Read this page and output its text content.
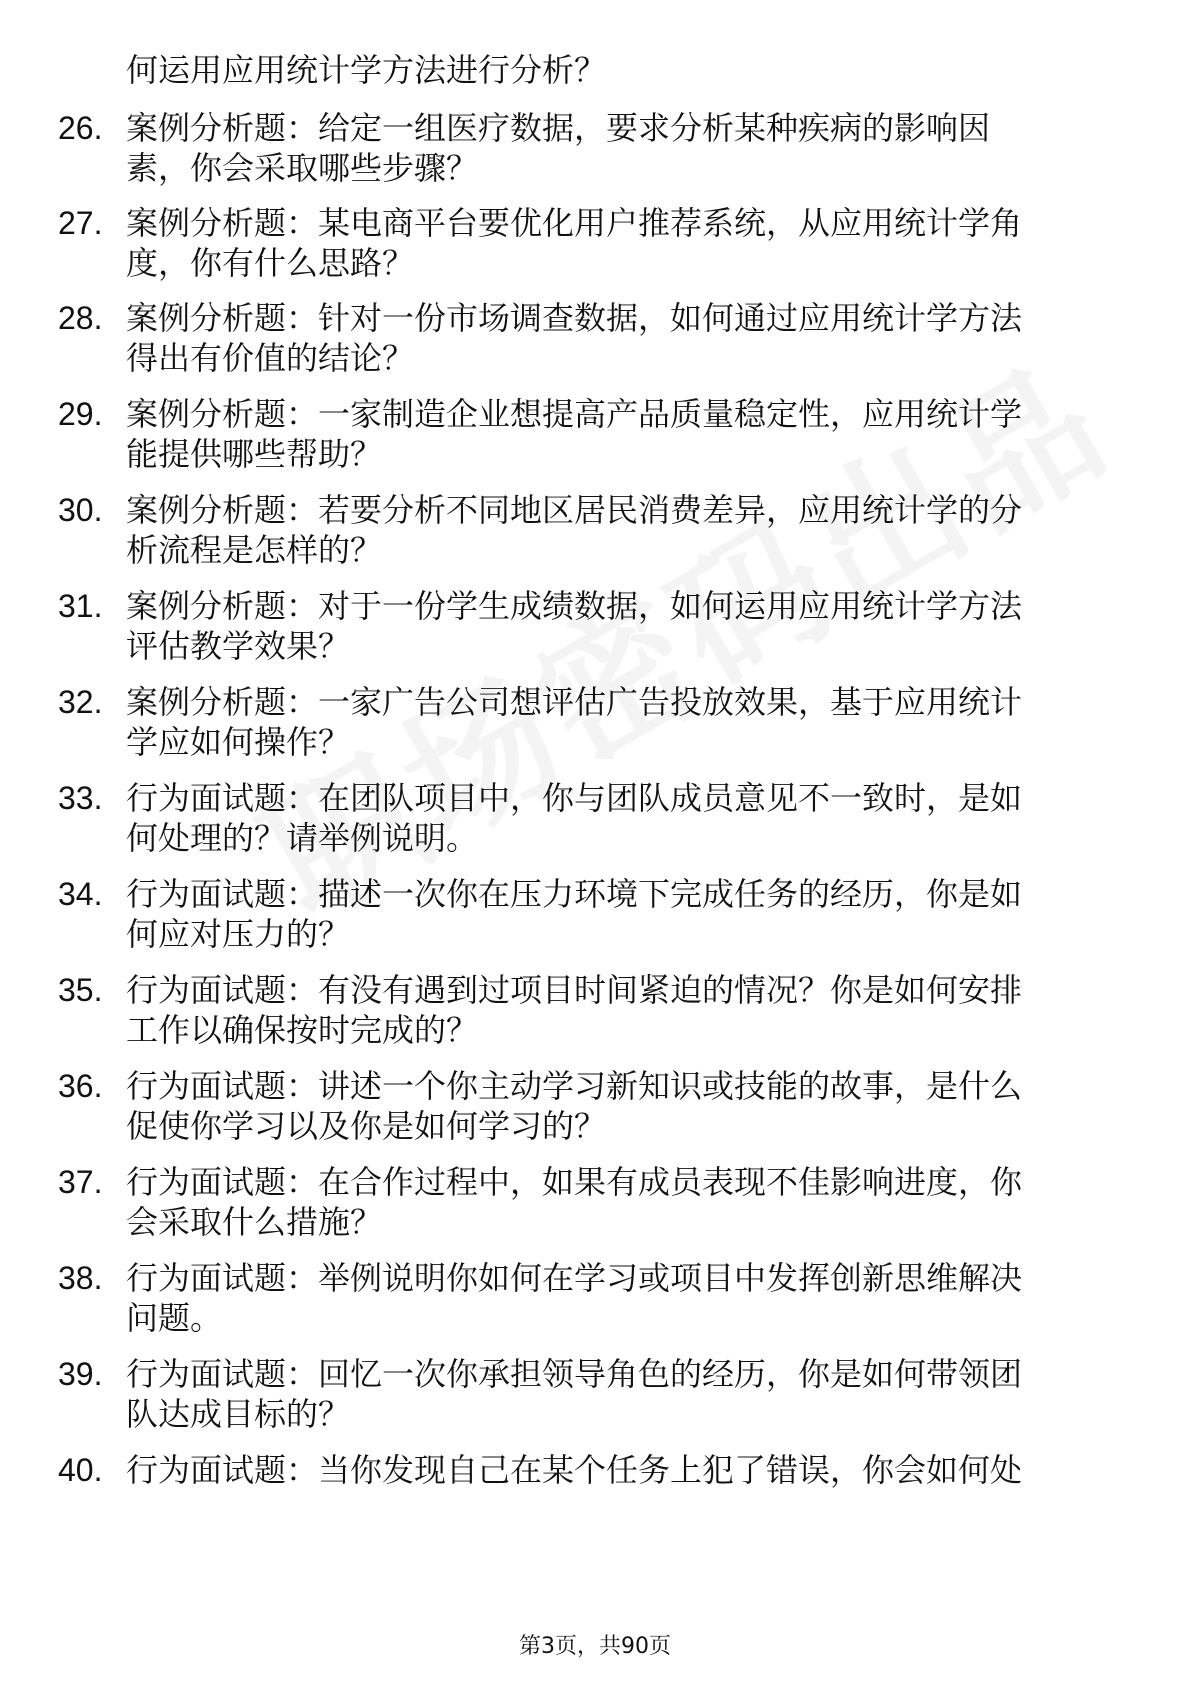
何运用应用统计学方法进行分析？
26. 案例分析题：给定一组医疗数据，要求分析某种疾病的影响因
素，你会采取哪些步骤？
27. 案例分析题：某电商平台要优化用户推荐系统，从应用统计学角
度，你有什么思路？
28. 案例分析题：针对一份市场调查数据，如何通过应用统计学方法
得出有价值的结论？
29. 案例分析题：一家制造企业想提高产品质量稳定性，应用统计学
能提供哪些帮助？
30. 案例分析题：若要分析不同地区居民消费差异，应用统计学的分
析流程是怎样的？
31. 案例分析题：对于一份学生成绩数据，如何运用应用统计学方法
评估教学效果？
32. 案例分析题：一家广告公司想评估广告投放效果，基于应用统计
学应如何操作？
33. 行为面试题：在团队项目中，你与团队成员意见不一致时，是如
何处理的？请举例说明。
34. 行为面试题：描述一次你在压力环境下完成任务的经历，你是如
何应对压力的？
35. 行为面试题：有没有遇到过项目时间紧迫的情况？你是如何安排
工作以确保按时完成的？
36. 行为面试题：讲述一个你主动学习新知识或技能的故事，是什么
促使你学习以及你是如何学习的？
37. 行为面试题：在合作过程中，如果有成员表现不佳影响进度，你
会采取什么措施？
38. 行为面试题：举例说明你如何在学习或项目中发挥创新思维解决
问题。
39. 行为面试题：回忆一次你承担领导角色的经历，你是如何带领团
队达成目标的？
40. 行为面试题：当你发现自己在某个任务上犯了错误，你会如何处
第3页，共90页
